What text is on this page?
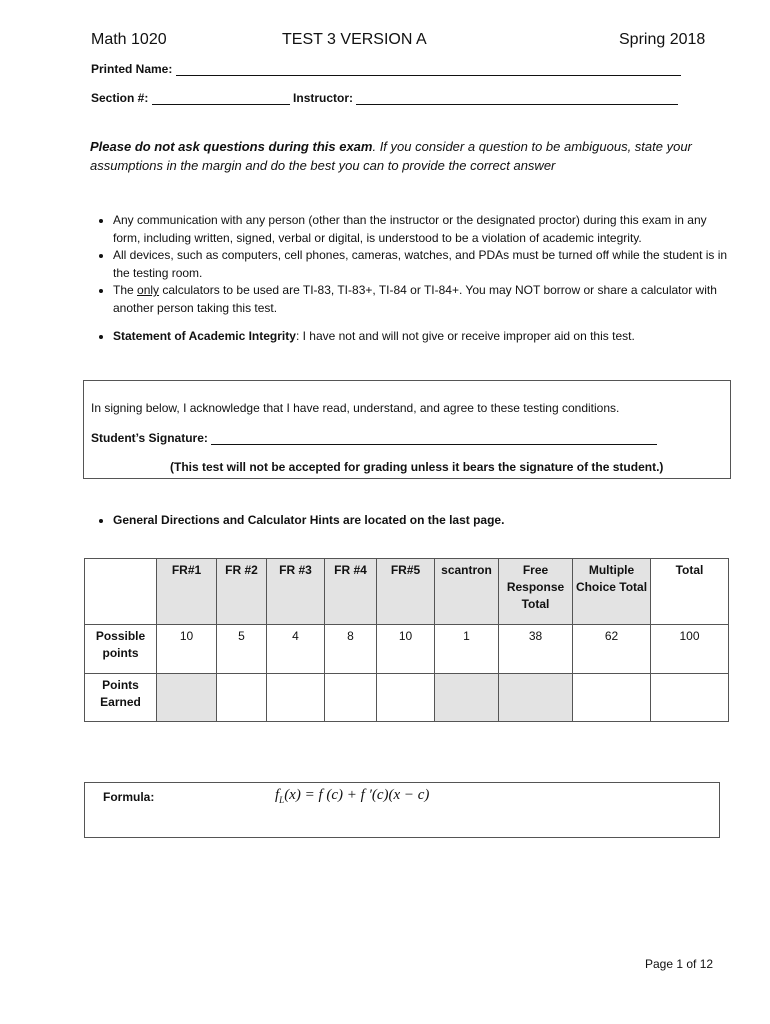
Math 1020	TEST 3 VERSION A	Spring 2018
Printed Name:
Section #:	Instructor:
Please do not ask questions during this exam. If you consider a question to be ambiguous, state your assumptions in the margin and do the best you can to provide the correct answer
• Any communication with any person (other than the instructor or the designated proctor) during this exam in any form, including written, signed, verbal or digital, is understood to be a violation of academic integrity.
• All devices, such as computers, cell phones, cameras, watches, and PDAs must be turned off while the student is in the testing room.
• The only calculators to be used are TI-83, TI-83+, TI-84 or TI-84+. You may NOT borrow or share a calculator with another person taking this test.
• Statement of Academic Integrity: I have not and will not give or receive improper aid on this test.
In signing below, I acknowledge that I have read, understand, and agree to these testing conditions.
Student’s Signature:
(This test will not be accepted for grading unless it bears the signature of the student.)
• General Directions and Calculator Hints are located on the last page.
	FR#1	FR #2	FR #3	FR #4	FR#5	scantron	Free Response Total	Multiple Choice Total	Total
Possible points	10	5	4	8	10	1	38	62	100
Points Earned									
Formula:	$f_L(x) = f$ (c) + f ′(c)(x − c)
Page 1 of 12
